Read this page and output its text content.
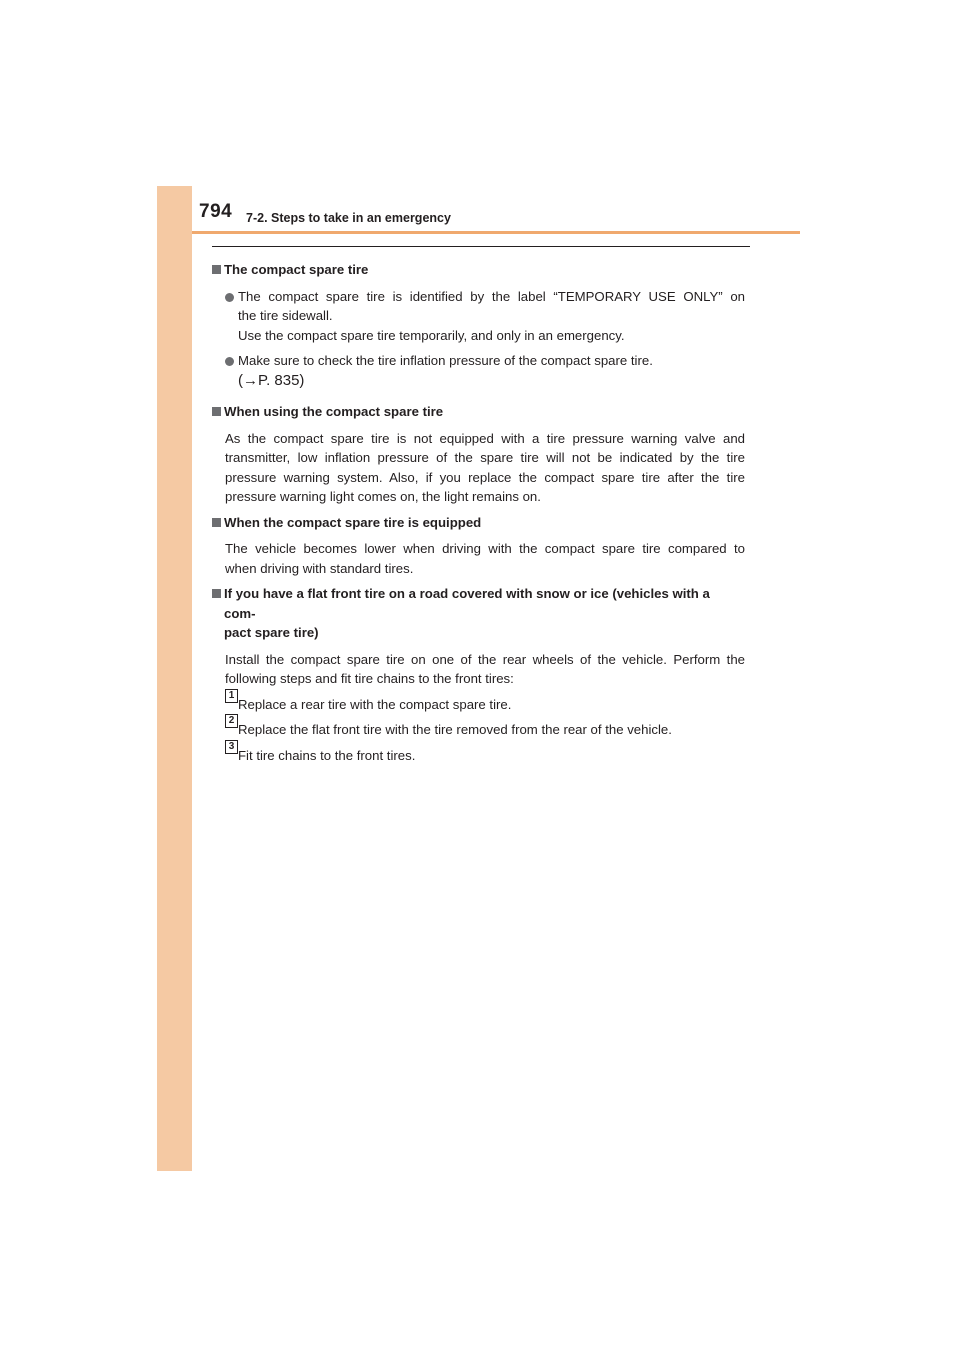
794 7-2. Steps to take in an emergency
The compact spare tire
The compact spare tire is identified by the label “TEMPORARY USE ONLY” on
the tire sidewall.
Use the compact spare tire temporarily, and only in an emergency.
Make sure to check the tire inflation pressure of the compact spare tire.
(→P. 835)
When using the compact spare tire
As the compact spare tire is not equipped with a tire pressure warning valve and
transmitter, low inflation pressure of the spare tire will not be indicated by the tire
pressure warning system. Also, if you replace the compact spare tire after the tire
pressure warning light comes on, the light remains on.
When the compact spare tire is equipped
The vehicle becomes lower when driving with the compact spare tire compared to
when driving with standard tires.
If you have a flat front tire on a road covered with snow or ice (vehicles with a com-
pact spare tire)
Install the compact spare tire on one of the rear wheels of the vehicle. Perform the
following steps and fit tire chains to the front tires:
1
Replace a rear tire with the compact spare tire.
2
Replace the flat front tire with the tire removed from the rear of the vehicle.
3
Fit tire chains to the front tires.
